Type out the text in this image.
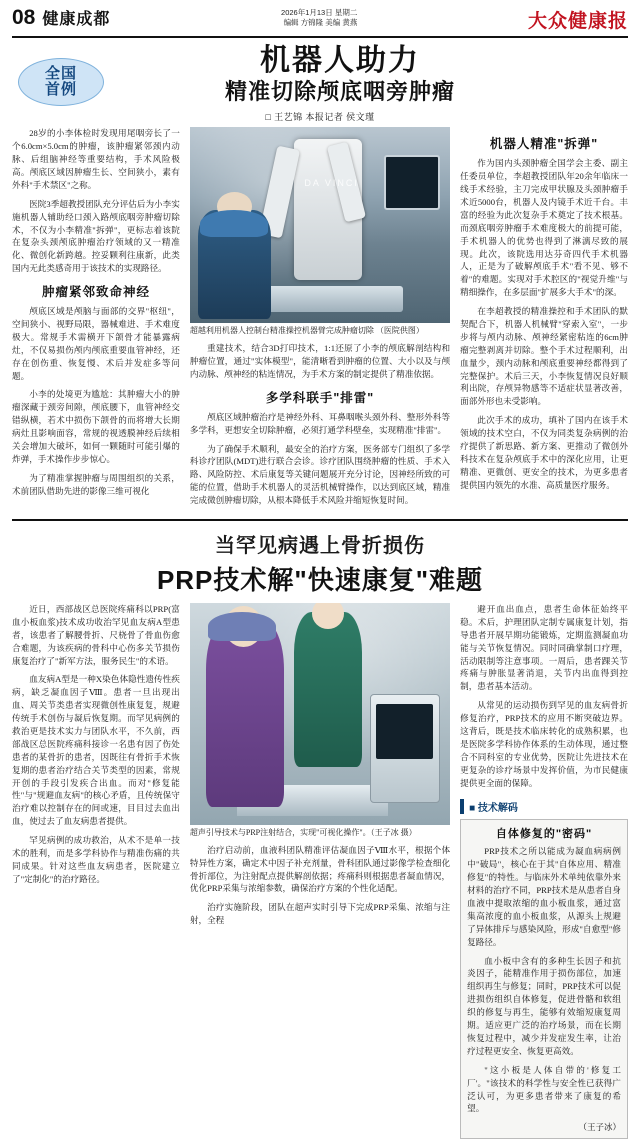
08 健康成都	2026年1月13日 星期二
编辑 方锦隆 美编 黄燕	大众健康报
全国
首例
机器人助力
精准切除颅底咽旁肿瘤
□ 王艺锦 本报记者 侯文瑾

28岁的小李体检时发现用尾咽旁长了一个6.0cm×5.0cm的肿瘤，该肿瘤紧邻颈内动脉、后组脑神经等重要结构，手术风险极高。颅底区域因肿瘤生长、空间狭小，素有外科"手术禁区"之称。

医院3季超教授团队充分评估后为小李实施机器人辅助经口颈入路颅底咽旁肿瘤切除术，不仅为小李精准"拆弹"，更标志着该院在复杂头颈颅底肿瘤治疗领域的又一精准化、微创化新跨越。控妥颗利往康新，此类国内无此类感奇用于该技术的实现路径。

肿瘤紧邻致命神经

颅底区域是颅脑与面部的交界"枢纽"，空间狭小、视野局限，器械难进、手术难度极大。常规手术需横开下颌骨才能暴露病灶，不仅易损伤颅内颅底重要血管神经，还存在创伤重、恢复慢、术后并发症多等问题。

小李的处境更为尴尬：其肿瘤大小的肿瘤深藏于颈旁间隙，颅底腰下，血管神经交错纵横，若术中损伤下颌骨的而将增大长期病灶且影响面容，常规的视透膜神经后续相关会增加大破坏，如何一颗随时可能引爆的炸弹，手术操作步步惊心。

为了精准掌握肿瘤与周围组织的关系，术前团队借助先进的影像三维可视化

DA VINCI
超越利用机器人控制台精准操控机器臂完成肿瘤切除 （医院供图）

重建技术，结合3D打印技术，1:1还原了小李的颅底解剖结构和肿瘤位置，通过"实体模型"，能清晰看到肿瘤的位置、大小以及与颅内动脉、颅神经的粘连情况，为手术方案的制定提供了精准依据。

多学科联手"排雷"

颅底区域肿瘤治疗是神经外科、耳鼻咽喉头颈外科、整形外科等多学科，更想安全切除肿瘤，必须打通学科壁垒，实现精准"排雷"。

为了确保手术顺利，最安全的治疗方案，医务部专门组织了多学科诊疗团队(MDT)进行联合会诊。诊疗团队围绕肿瘤的性质、手术入路、风险防控、术后康复等关键问题展开充分讨论，因神经所致的可能的位置，借助手术机器人的灵活机械臂操作，以达到底区域，精准完成微创肿瘤切除，从根本降低手术风险并缩短恢复时间。

机器人精准"拆弹"

作为国内头颈肿瘤全国学会主委、副主任委员单位，李超教授团队年20余年临床一线手术经验，主刀完成甲状腺及头颈肿瘤手术近5000台，机器人及内镜手术近千台。丰富的经验为此次复杂手术奠定了技术根基。而颈底咽旁肿瘤手术难度极大的前提可能，手术机器人的优势也得到了淋漓尽致的展现。此次，该院选用达芬奇四代手术机器人，正是为了破解颅底手术"看不见、够不着"的难题。实现对手术腔区的"视觉升维"与精细操作，在多层面"扩展多大手术"的深。

在李超教授的精准操控和手术团队的默契配合下，机器人机械臂"穿索入室"，一步步将与颅内动脉、颅神经紧密粘连的6cm肿瘤完整剥离并切除。整个手术过程顺利，出血量少，颈内动脉和颅底重要神经都得到了完整保护。术后三天，小李恢复情况良好顺利出院，存颅异物感等不适症状显著改善，面部外形也未受影响。

此次手术的成功，填补了国内在该手术领域的技术空白，不仅为同类复杂病例的治疗提供了新思路、新方案、更推动了微创外科技术在复杂颅底手术中的深化应用，让更精准、更微创、更安全的技术，为更多患者提供国内领先的水准、高质量医疗服务。

当罕见病遇上骨折损伤
PRP技术解"快速康复"难题

近日，西部战区总医院疼痛科以PRP(富血小板血浆)技术成功收治罕见血友病A型患者，该患者了解腰骨折、尺桡骨了骨血伤愈合难题，为该疾病的骨科中心伤多关节损伤康复治疗了"新军方法，服务民生"的术语。

血友病A型是一种X染色体隐性遗传性疾病，缺乏凝血因子Ⅷ。患者一旦出现出血、周关节类患者实现微创性康复复，规避传统手术创伤与凝后恢复期。而罕见病例的救治更是技术实力与团队水平，不久前，西部战区总医院疼痛科接诊一名患有因了伤处患者的某骨折的患者，因既往有骨折手术恢复期的患者治疗结合关节类型的因素，常规开创的手段引发疾合出血。而对"修复能性"与"规避血友病"的核心矛盾，且传统保守治疗难以控制存在的间或速，目目过去血出血，使过去了血友病患者提供。

罕见病例的成功救治，从术不是单一技术的胜利，而是多学科协作与精准伤痛的共同成果。针对这些血友病患者，医院建立了"定制化"的治疗路径。

超声引导技术与PRP注射结合，实现"可视化操作"。（王子冰 摄）

治疗启动前，血液科团队精准评估凝血因子Ⅷ水平，根据个体特异性方案，确定术中因子补充剂量，骨科团队通过影像学检查细化骨折部位，为注射配点提供解剖依据；疼痛科则根据患者凝血情况，优化PRP采集与浓缩参数，确保治疗方案的个性化适配。

治疗实施阶段，团队在超声实时引导下完成PRP采集、浓缩与注射，全程

避开血出血点，患者生命体征始终平稳。术后，护理团队定制专属康复计划，指导患者开展早期功能锻炼，定期监测凝血功能与关节恢复情况。同时同确掌制口疗理，活动限制等注意事项。一周后，患者踝关节疼痛与肿胀显著消退，关节内出血得到控制，患者基本活动。

从常见的运动损伤到罕见的血友病骨折修复治疗，PRP技术的应用不断突破边界。这背后，既是技术临床转化的成熟积累，也是医院多学科协作体系的生动体现，通过整合不同科室的专业优势，医院让先进技术在更复杂的诊疗场景中发挥价值，为市民健康提供更全面的保障。

■ 技术解码
自体修复的"密码"

PRP技术之所以能成为凝血病病例中"破局"，核心在于其"自体应用、精准修复"的特性。与临床外术单纯依靠外来材料的治疗不同，PRP技术是从患者自身血液中提取浓缩的血小板血浆，通过富集高浓度的血小板血浆，从源头上规避了异体排斥与感染风险，形成"自愈型"修复路径。

血小板中含有的多种生长因子和抗炎因子，能精准作用于损伤部位，加速组织再生与修复；同时，PRP技术可以促进损伤组织自体修复，促进骨骼和软组织的修复与再生，能够有效缩短康复周期。适应更广泛的治疗场景，而在长期恢复过程中，减少并发症发生率，让治疗过程更安全、恢复更高效。

"这小板是人体自带的'修复工厂'。"该技术的科学性与安全性已获得广泛认可，为更多患者带来了康复的希望。

（王子冰）
